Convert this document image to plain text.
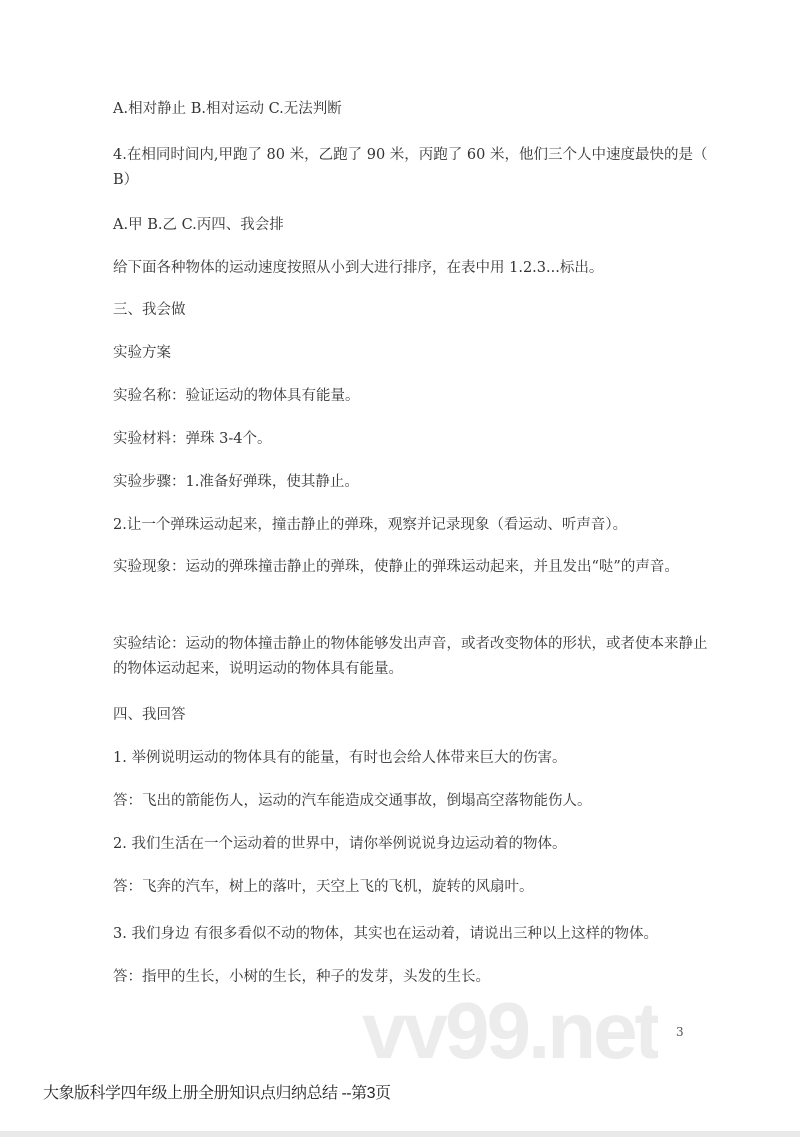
A.相对静止 B.相对运动 C.无法判断
4.在相同时间内,甲跑了 80 米，乙跑了 90 米，丙跑了 60 米，他们三个人中速度最快的是（ B）
A.甲 B.乙 C.丙四、我会排
给下面各种物体的运动速度按照从小到大进行排序，在表中用 1.2.3...标出。
三、我会做
实验方案
实验名称：验证运动的物体具有能量。
实验材料：弹珠 3-4个。
实验步骤：1.准备好弹珠，使其静止。
2.让一个弹珠运动起来，撞击静止的弹珠，观察并记录现象（看运动、听声音）。
实验现象：运动的弹珠撞击静止的弹珠，使静止的弹珠运动起来，并且发出“哒”的声音。
实验结论：运动的物体撞击静止的物体能够发出声音，或者改变物体的形状，或者使本来静止的物体运动起来，说明运动的物体具有能量。
四、我回答
1. 举例说明运动的物体具有的能量，有时也会给人体带来巨大的伤害。
答：飞出的箭能伤人，运动的汽车能造成交通事故，倒塌高空落物能伤人。
2. 我们生活在一个运动着的世界中，请你举例说说身边运动着的物体。
答：飞奔的汽车，树上的落叶，天空上飞的飞机，旋转的风扇叶。
3. 我们身边 有很多看似不动的物体，其实也在运动着，请说出三种以上这样的物体。
答：指甲的生长，小树的生长，种子的发芽，头发的生长。
vv99.net 3
大象版科学四年级上册全册知识点归纳总结 --第3页
